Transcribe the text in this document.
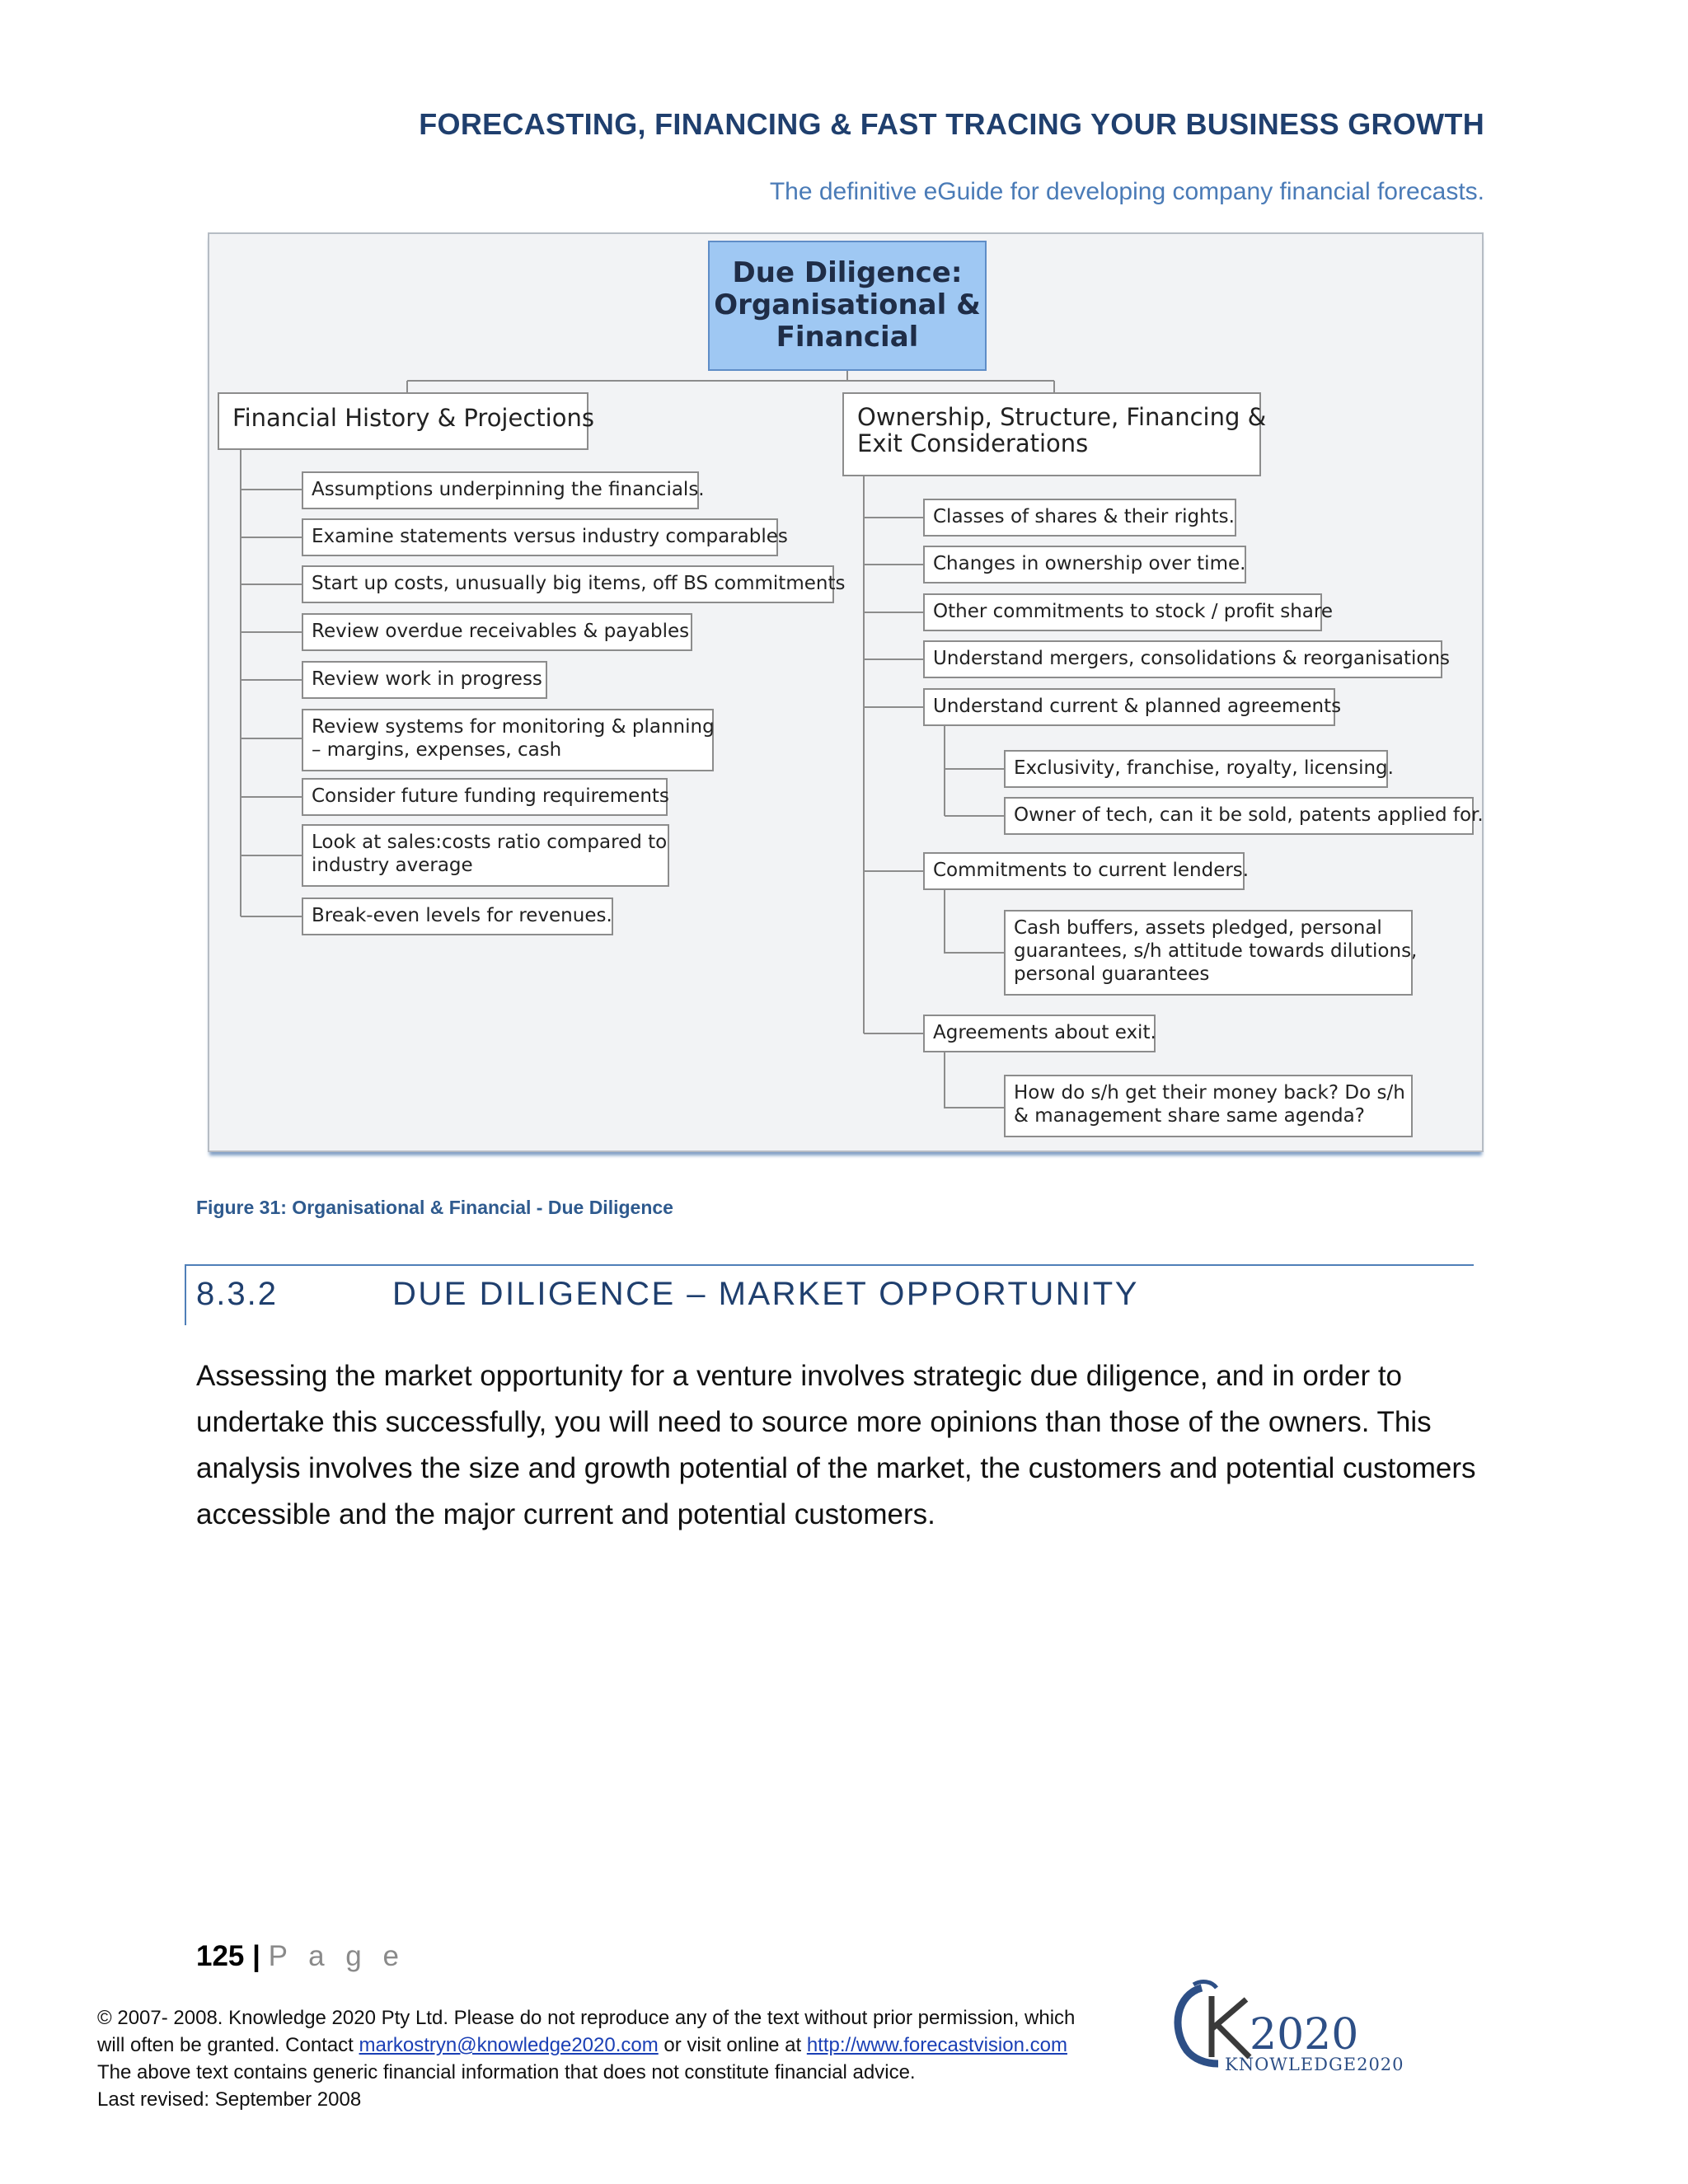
FORECASTING, FINANCING & FAST TRACING YOUR BUSINESS GROWTH
The definitive eGuide for developing company financial forecasts.
Due Diligence:
Organisational &
Financial
Financial History & Projections	Ownership, Structure, Financing &
Exit Considerations
Assumptions underpinning the financials.
Examine statements versus industry comparables
Start up costs, unusually big items, off BS commitments
Review overdue receivables & payables
Review work in progress
Review systems for monitoring & planning
– margins, expenses, cash
Consider future funding requirements
Look at sales:costs ratio compared to
industry average
Break-even levels for revenues.
Classes of shares & their rights.
Changes in ownership over time.
Other commitments to stock / profit share
Understand mergers, consolidations & reorganisations
Understand current & planned agreements
Commitments to current lenders.
Agreements about exit.
Exclusivity, franchise, royalty, licensing.
Owner of tech, can it be sold, patents applied for.
Cash buffers, assets pledged, personal
guarantees, s/h attitude towards dilutions,
personal guarantees
How do s/h get their money back? Do s/h
& management share same agenda?
Figure 31: Organisational & Financial - Due Diligence
8.3.2	DUE DILIGENCE – MARKET OPPORTUNITY
Assessing the market opportunity for a venture involves strategic due diligence, and in order to undertake this successfully, you will need to source more opinions than those of the owners. This analysis involves the size and growth potential of the market, the customers and potential customers accessible and the major current and potential customers.
125 | P a g e
© 2007- 2008. Knowledge 2020 Pty Ltd. Please do not reproduce any of the text without prior permission, which
will often be granted. Contact markostryn@knowledge2020.com or visit online at http://www.forecastvision.com
The above text contains generic financial information that does not constitute financial advice.
Last revised: September 2008
2020
KNOWLEDGE2020
